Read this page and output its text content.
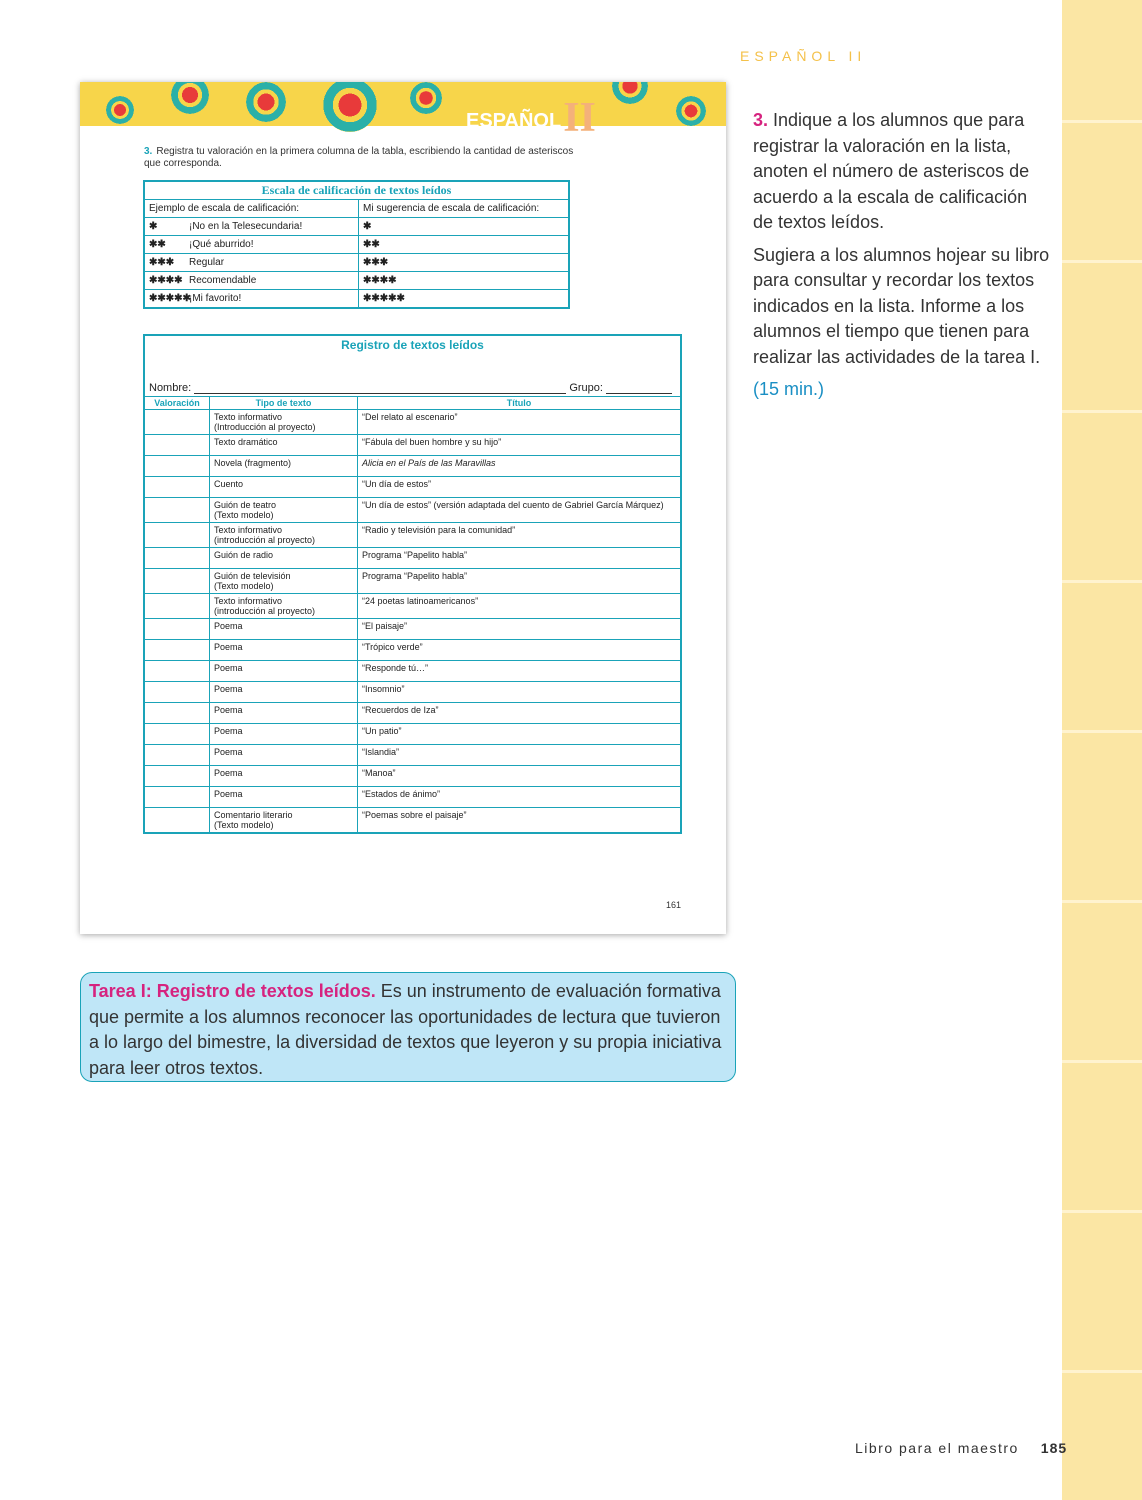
ESPAÑOL II
ESPAÑOLII
3. Registra tu valoración en la primera columna de la tabla, escribiendo la cantidad de asteriscos que corresponda.
Escala de calificación de textos leídos	
Ejemplo de escala de calificación:	Mi sugerencia de escala de calificación:
✱ ¡No en la Telesecundaria!	✱
✱✱ ¡Qué aburrido!	✱✱
✱✱✱ Regular	✱✱✱
✱✱✱✱ Recomendable	✱✱✱✱
✱✱✱✱✱¡Mi favorito!	✱✱✱✱✱
Registro de textos leídos		
Nombre: Grupo:		
Valoración	Tipo de texto	Título
	Texto informativo
(Introducción al proyecto)	“Del relato al escenario”
	Texto dramático	“Fábula del buen hombre y su hijo”
	Novela (fragmento)	Alicia en el País de las Maravillas
	Cuento	“Un día de estos”
	Guión de teatro
(Texto modelo)	“Un día de estos” (versión adaptada del cuento de Gabriel García Márquez)
	Texto informativo
(introducción al proyecto)	“Radio y televisión para la comunidad”
	Guión de radio	Programa “Papelito habla”
	Guión de televisión
(Texto modelo)	Programa “Papelito habla”
	Texto informativo
(introducción al proyecto)	“24 poetas latinoamericanos”
	Poema	“El paisaje”
	Poema	“Trópico verde”
	Poema	“Responde tú…”
	Poema	“Insomnio”
	Poema	“Recuerdos de Iza”
	Poema	“Un patio”
	Poema	“Islandia”
	Poema	“Manoa”
	Poema	“Estados de ánimo”
	Comentario literario
(Texto modelo)	“Poemas sobre el paisaje”
161

3. Indique a los alumnos que para registrar la valoración en la lista, anoten el número de asteriscos de acuerdo a la escala de calificación de textos leídos.

Sugiera a los alumnos hojear su libro para consultar y recordar los textos indicados en la lista. Informe a los alumnos el tiempo que tienen para realizar las actividades de la tarea I.

(15 min.)

Tarea I: Registro de textos leídos. Es un instrumento de evaluación formativa que permite a los alumnos reconocer las oportunidades de lectura que tuvieron a lo largo del bimestre, la diversidad de textos que leyeron y su propia iniciativa para leer otros textos.
Libro para el maestro 185
